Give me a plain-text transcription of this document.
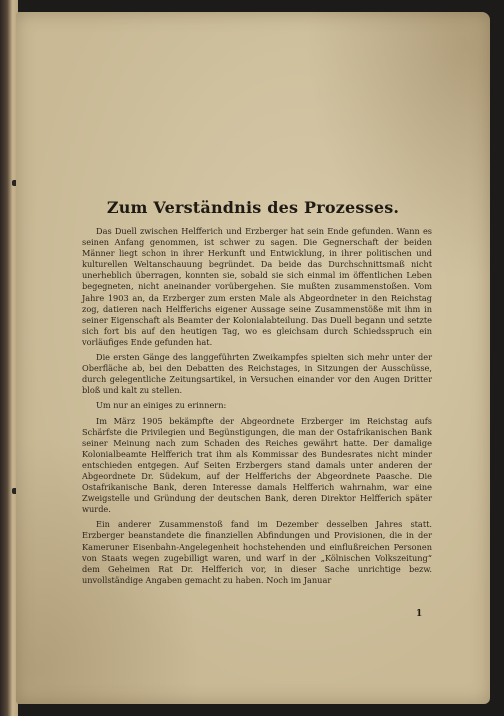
Zum Verständnis des Prozesses.

Das Duell zwischen Helfferich und Erzberger hat sein Ende gefunden. Wann es seinen Anfang genommen, ist schwer zu sagen. Die Gegnerschaft der beiden Männer liegt schon in ihrer Herkunft und Entwicklung, in ihrer politischen und kulturellen Weltanschauung begründet. Da beide das Durchschnittsmaß nicht unerheblich überragen, konnten sie, sobald sie sich einmal im öffentlichen Leben begegneten, nicht aneinander vorübergehen. Sie mußten zusammenstoßen. Vom Jahre 1903 an, da Erzberger zum ersten Male als Abgeordneter in den Reichstag zog, datieren nach Helfferichs eigener Aussage seine Zusammenstöße mit ihm in seiner Eigenschaft als Beamter der Kolonialabteilung. Das Duell begann und setzte sich fort bis auf den heutigen Tag, wo es gleichsam durch Schiedsspruch ein vorläufiges Ende gefunden hat.

Die ersten Gänge des langgeführten Zweikampfes spielten sich mehr unter der Oberfläche ab, bei den Debatten des Reichstages, in Sitzungen der Ausschüsse, durch gelegentliche Zeitungsartikel, in Versuchen einander vor den Augen Dritter bloß und kalt zu stellen.

Um nur an einiges zu erinnern:

Im März 1905 bekämpfte der Abgeordnete Erzberger im Reichstag aufs Schärfste die Privilegien und Begünstigungen, die man der Ostafrikanischen Bank seiner Meinung nach zum Schaden des Reiches gewährt hatte. Der damalige Kolonialbeamte Helfferich trat ihm als Kommissar des Bundesrates nicht minder entschieden entgegen. Auf Seiten Erzbergers stand damals unter anderen der Abgeordnete Dr. Südekum, auf der Helfferichs der Abgeordnete Paasche. Die Ostafrikanische Bank, deren Interesse damals Helfferich wahrnahm, war eine Zweigstelle und Gründung der deutschen Bank, deren Direktor Helfferich später wurde.

Ein anderer Zusammenstoß fand im Dezember desselben Jahres statt. Erzberger beanstandete die finanziellen Abfindungen und Provisionen, die in der Kameruner Eisenbahn-Angelegenheit hochstehenden und einflußreichen Personen von Staats wegen zugebilligt waren, und warf in der „Kölnischen Volkszeitung“ dem Geheimen Rat Dr. Helfferich vor, in dieser Sache unrichtige bezw. unvollständige Angaben gemacht zu haben. Noch im Januar

1
